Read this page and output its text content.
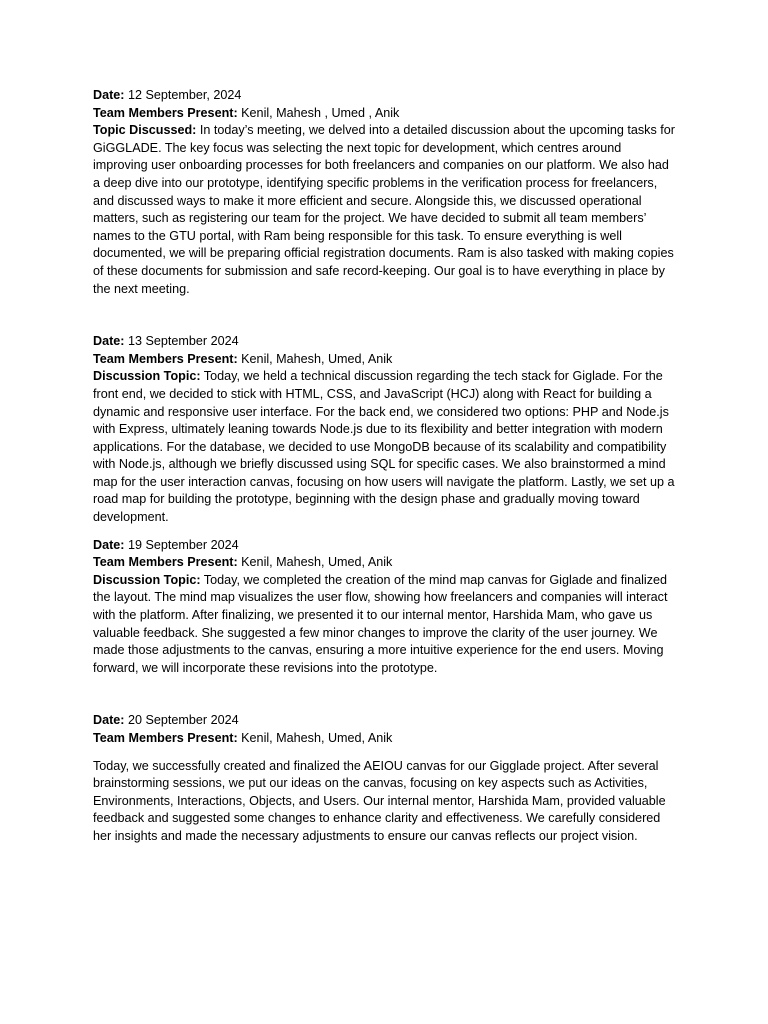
Date: 12 September, 2024

Team Members Present: Kenil, Mahesh , Umed , Anik

Topic Discussed: In today’s meeting, we delved into a detailed discussion about the upcoming tasks for GiGGLADE. The key focus was selecting the next topic for development, which centres around improving user onboarding processes for both freelancers and companies on our platform. We also had a deep dive into our prototype, identifying specific problems in the verification process for freelancers, and discussed ways to make it more efficient and secure. Alongside this, we discussed operational matters, such as registering our team for the project. We have decided to submit all team members’ names to the GTU portal, with Ram being responsible for this task. To ensure everything is well documented, we will be preparing official registration documents. Ram is also tasked with making copies of these documents for submission and safe record-keeping. Our goal is to have everything in place by the next meeting.

Date: 13 September 2024

Team Members Present: Kenil, Mahesh, Umed, Anik

Discussion Topic: Today, we held a technical discussion regarding the tech stack for Giglade. For the front end, we decided to stick with HTML, CSS, and JavaScript (HCJ) along with React for building a dynamic and responsive user interface. For the back end, we considered two options: PHP and Node.js with Express, ultimately leaning towards Node.js due to its flexibility and better integration with modern applications. For the database, we decided to use MongoDB because of its scalability and compatibility with Node.js, although we briefly discussed using SQL for specific cases. We also brainstormed a mind map for the user interaction canvas, focusing on how users will navigate the platform. Lastly, we set up a road map for building the prototype, beginning with the design phase and gradually moving toward development.

Date: 19 September 2024

Team Members Present: Kenil, Mahesh, Umed, Anik

Discussion Topic: Today, we completed the creation of the mind map canvas for Giglade and finalized the layout. The mind map visualizes the user flow, showing how freelancers and companies will interact with the platform. After finalizing, we presented it to our internal mentor, Harshida Mam, who gave us valuable feedback. She suggested a few minor changes to improve the clarity of the user journey. We made those adjustments to the canvas, ensuring a more intuitive experience for the end users. Moving forward, we will incorporate these revisions into the prototype.

Date: 20 September 2024

Team Members Present: Kenil, Mahesh, Umed, Anik

Today, we successfully created and finalized the AEIOU canvas for our Gigglade project. After several brainstorming sessions, we put our ideas on the canvas, focusing on key aspects such as Activities, Environments, Interactions, Objects, and Users. Our internal mentor, Harshida Mam, provided valuable feedback and suggested some changes to enhance clarity and effectiveness. We carefully considered her insights and made the necessary adjustments to ensure our canvas reflects our project vision.
